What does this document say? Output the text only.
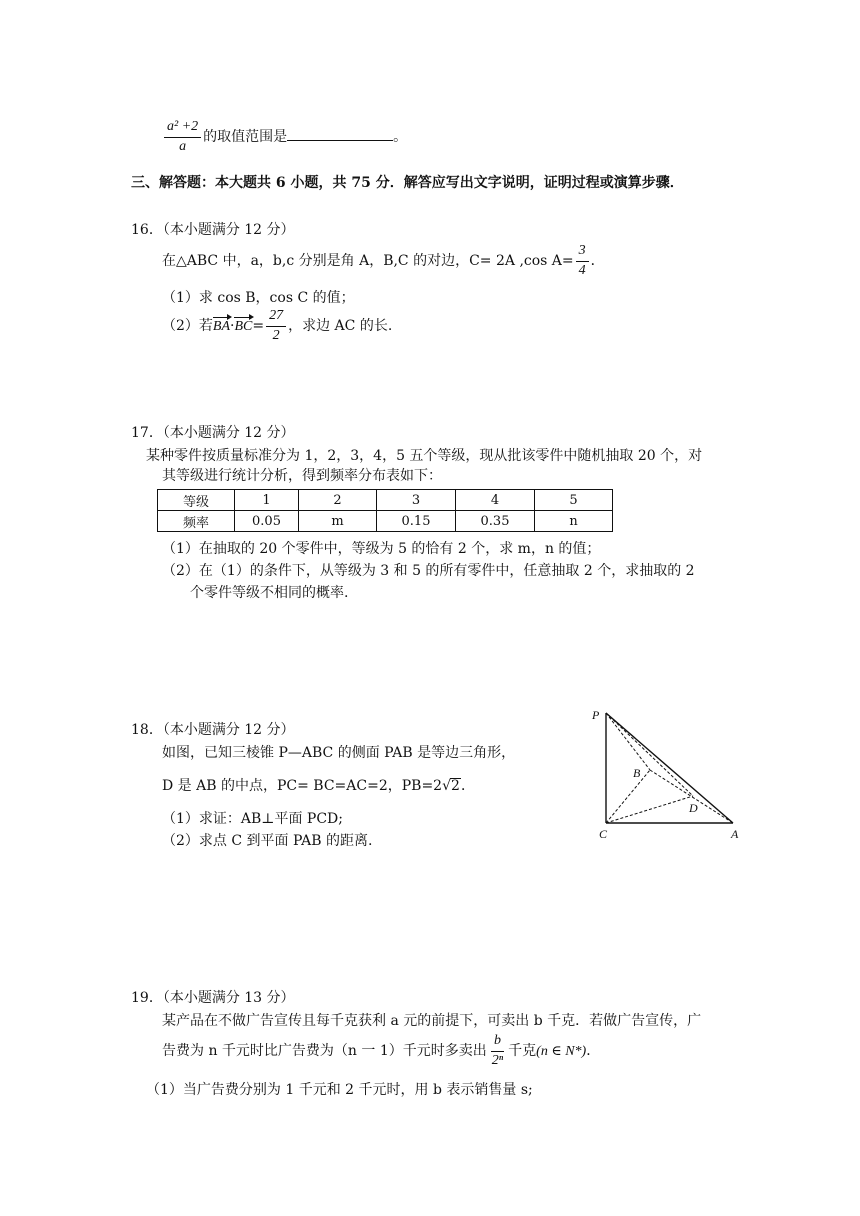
$\frac{\text{a² +2}}{a}$ 的取值范围是	。
三、解答题：本大题共 6 小题，共 75 分．解答应写出文字说明，证明过程或演算步骤．
16．（本小题满分 12 分）
在△ABC 中，a，b,c 分别是角 A，B,C 的对边，C= 2A ,cos $A= \frac{3}{4}$ ．
（1）求 cos B，cos C 的值；
（2）若$BA\cdot BC= \frac{27}{2}$ ，求边 AC 的长.
17．（本小题满分 12 分）
某种零件按质量标准分为 1，2，3，4，5 五个等级，现从批该零件中随机抽取 20 个，对
其等级进行统计分析，得到频率分布表如下：
等级	1	2	3	4	5
频率	0.05	m	0.15	0.35	n
（1）在抽取的 20 个零件中，等级为 5 的恰有 2 个，求 m，n 的值；
（2）在（1）的条件下，从等级为 3 和 5 的所有零件中，任意抽取 2 个，求抽取的 2
个零件等级不相同的概率.
18．（本小题满分 12 分）
如图，已知三棱锥 P—ABC 的侧面 PAB 是等边三角形，
D 是 AB 的中点，PC= BC=AC=2，PB=2√2．
（1）求证：AB⊥平面 PCD;
（2）求点 C 到平面 PAB 的距离.
P
B
D
C	A
19．（本小题满分 13 分）
某产品在不做广告宣传且每千克获利 a 元的前提下，可卖出 b 千克．若做广告宣传，广
告费为 n 千元时比广告费为（n 一 1）千元时多卖出 $\frac{b}{\text{2ⁿ}}$ 千克(n ∈ N*)．
（1）当广告费分别为 1 千元和 2 千元时，用 b 表示销售量 s;
